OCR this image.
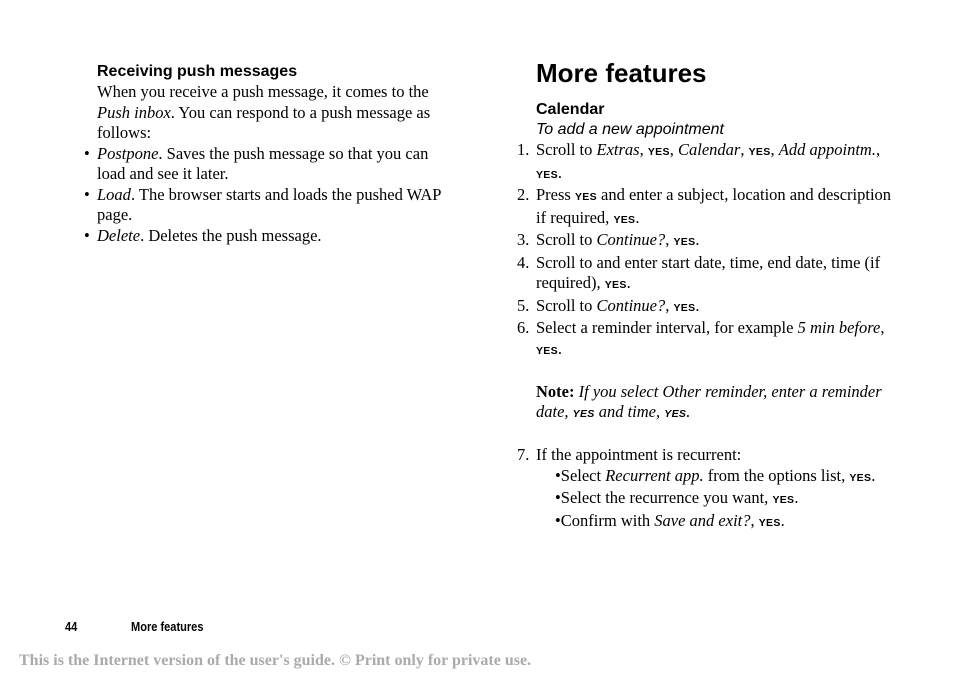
Receiving push messages
When you receive a push message, it comes to the
Push inbox. You can respond to a push message as
follows:
• Postpone. Saves the push message so that you can
load and see it later.
• Load. The browser starts and loads the pushed WAP
page.
• Delete. Deletes the push message.
More features
Calendar
To add a new appointment
1. Scroll to Extras, YES, Calendar, YES, Add appointm.,
YES.
2. Press YES and enter a subject, location and description
if required, YES.
3. Scroll to Continue?, YES.
4. Scroll to and enter start date, time, end date, time (if
required), YES.
5. Scroll to Continue?, YES.
6. Select a reminder interval, for example 5 min before,
YES.
Note: If you select Other reminder, enter a reminder
date, YES and time, YES.
7. If the appointment is recurrent:
•Select Recurrent app. from the options list, YES.
•Select the recurrence you want, YES.
•Confirm with Save and exit?, YES.
44	More features
This is the Internet version of the user's guide. © Print only for private use.
